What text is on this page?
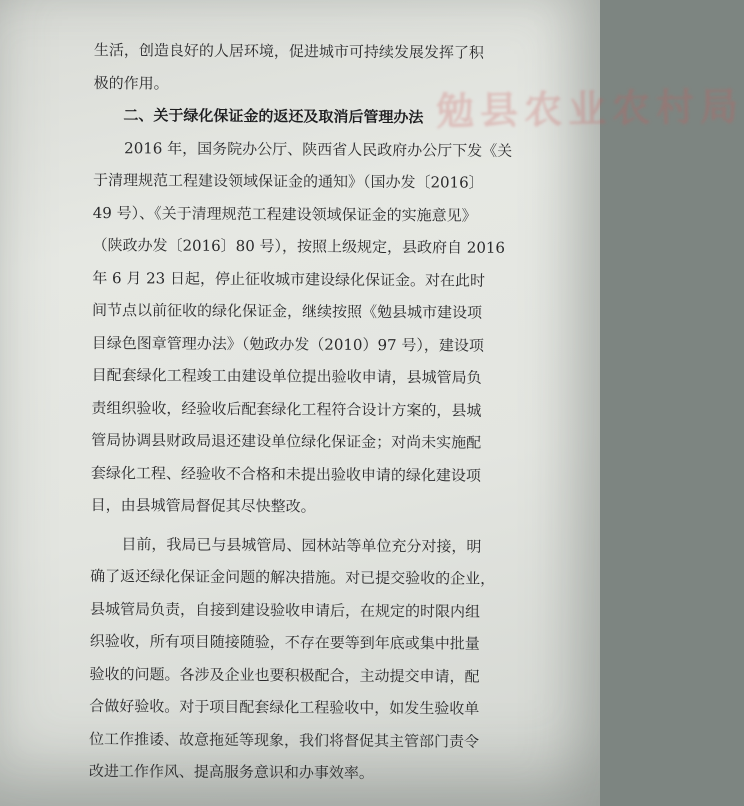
勉县农业农村局
生活，创造良好的人居环境，促进城市可持续发展发挥了积
极的作用。
二、关于绿化保证金的返还及取消后管理办法
2016 年，国务院办公厅、陕西省人民政府办公厅下发《关
于清理规范工程建设领域保证金的通知》（国办发〔2016〕
49 号）、《关于清理规范工程建设领域保证金的实施意见》
（陕政办发〔2016〕80 号），按照上级规定，县政府自 2016
年 6 月 23 日起，停止征收城市建设绿化保证金。对在此时
间节点以前征收的绿化保证金，继续按照《勉县城市建设项
目绿色图章管理办法》（勉政办发（2010）97 号），建设项
目配套绿化工程竣工由建设单位提出验收申请，县城管局负
责组织验收，经验收后配套绿化工程符合设计方案的，县城
管局协调县财政局退还建设单位绿化保证金；对尚未实施配
套绿化工程、经验收不合格和未提出验收申请的绿化建设项
目，由县城管局督促其尽快整改。
目前，我局已与县城管局、园林站等单位充分对接，明
确了返还绿化保证金问题的解决措施。对已提交验收的企业，
县城管局负责，自接到建设验收申请后，在规定的时限内组
织验收，所有项目随接随验，不存在要等到年底或集中批量
验收的问题。各涉及企业也要积极配合，主动提交申请，配
合做好验收。对于项目配套绿化工程验收中，如发生验收单
位工作推诿、故意拖延等现象，我们将督促其主管部门责令
改进工作作风、提高服务意识和办事效率。
